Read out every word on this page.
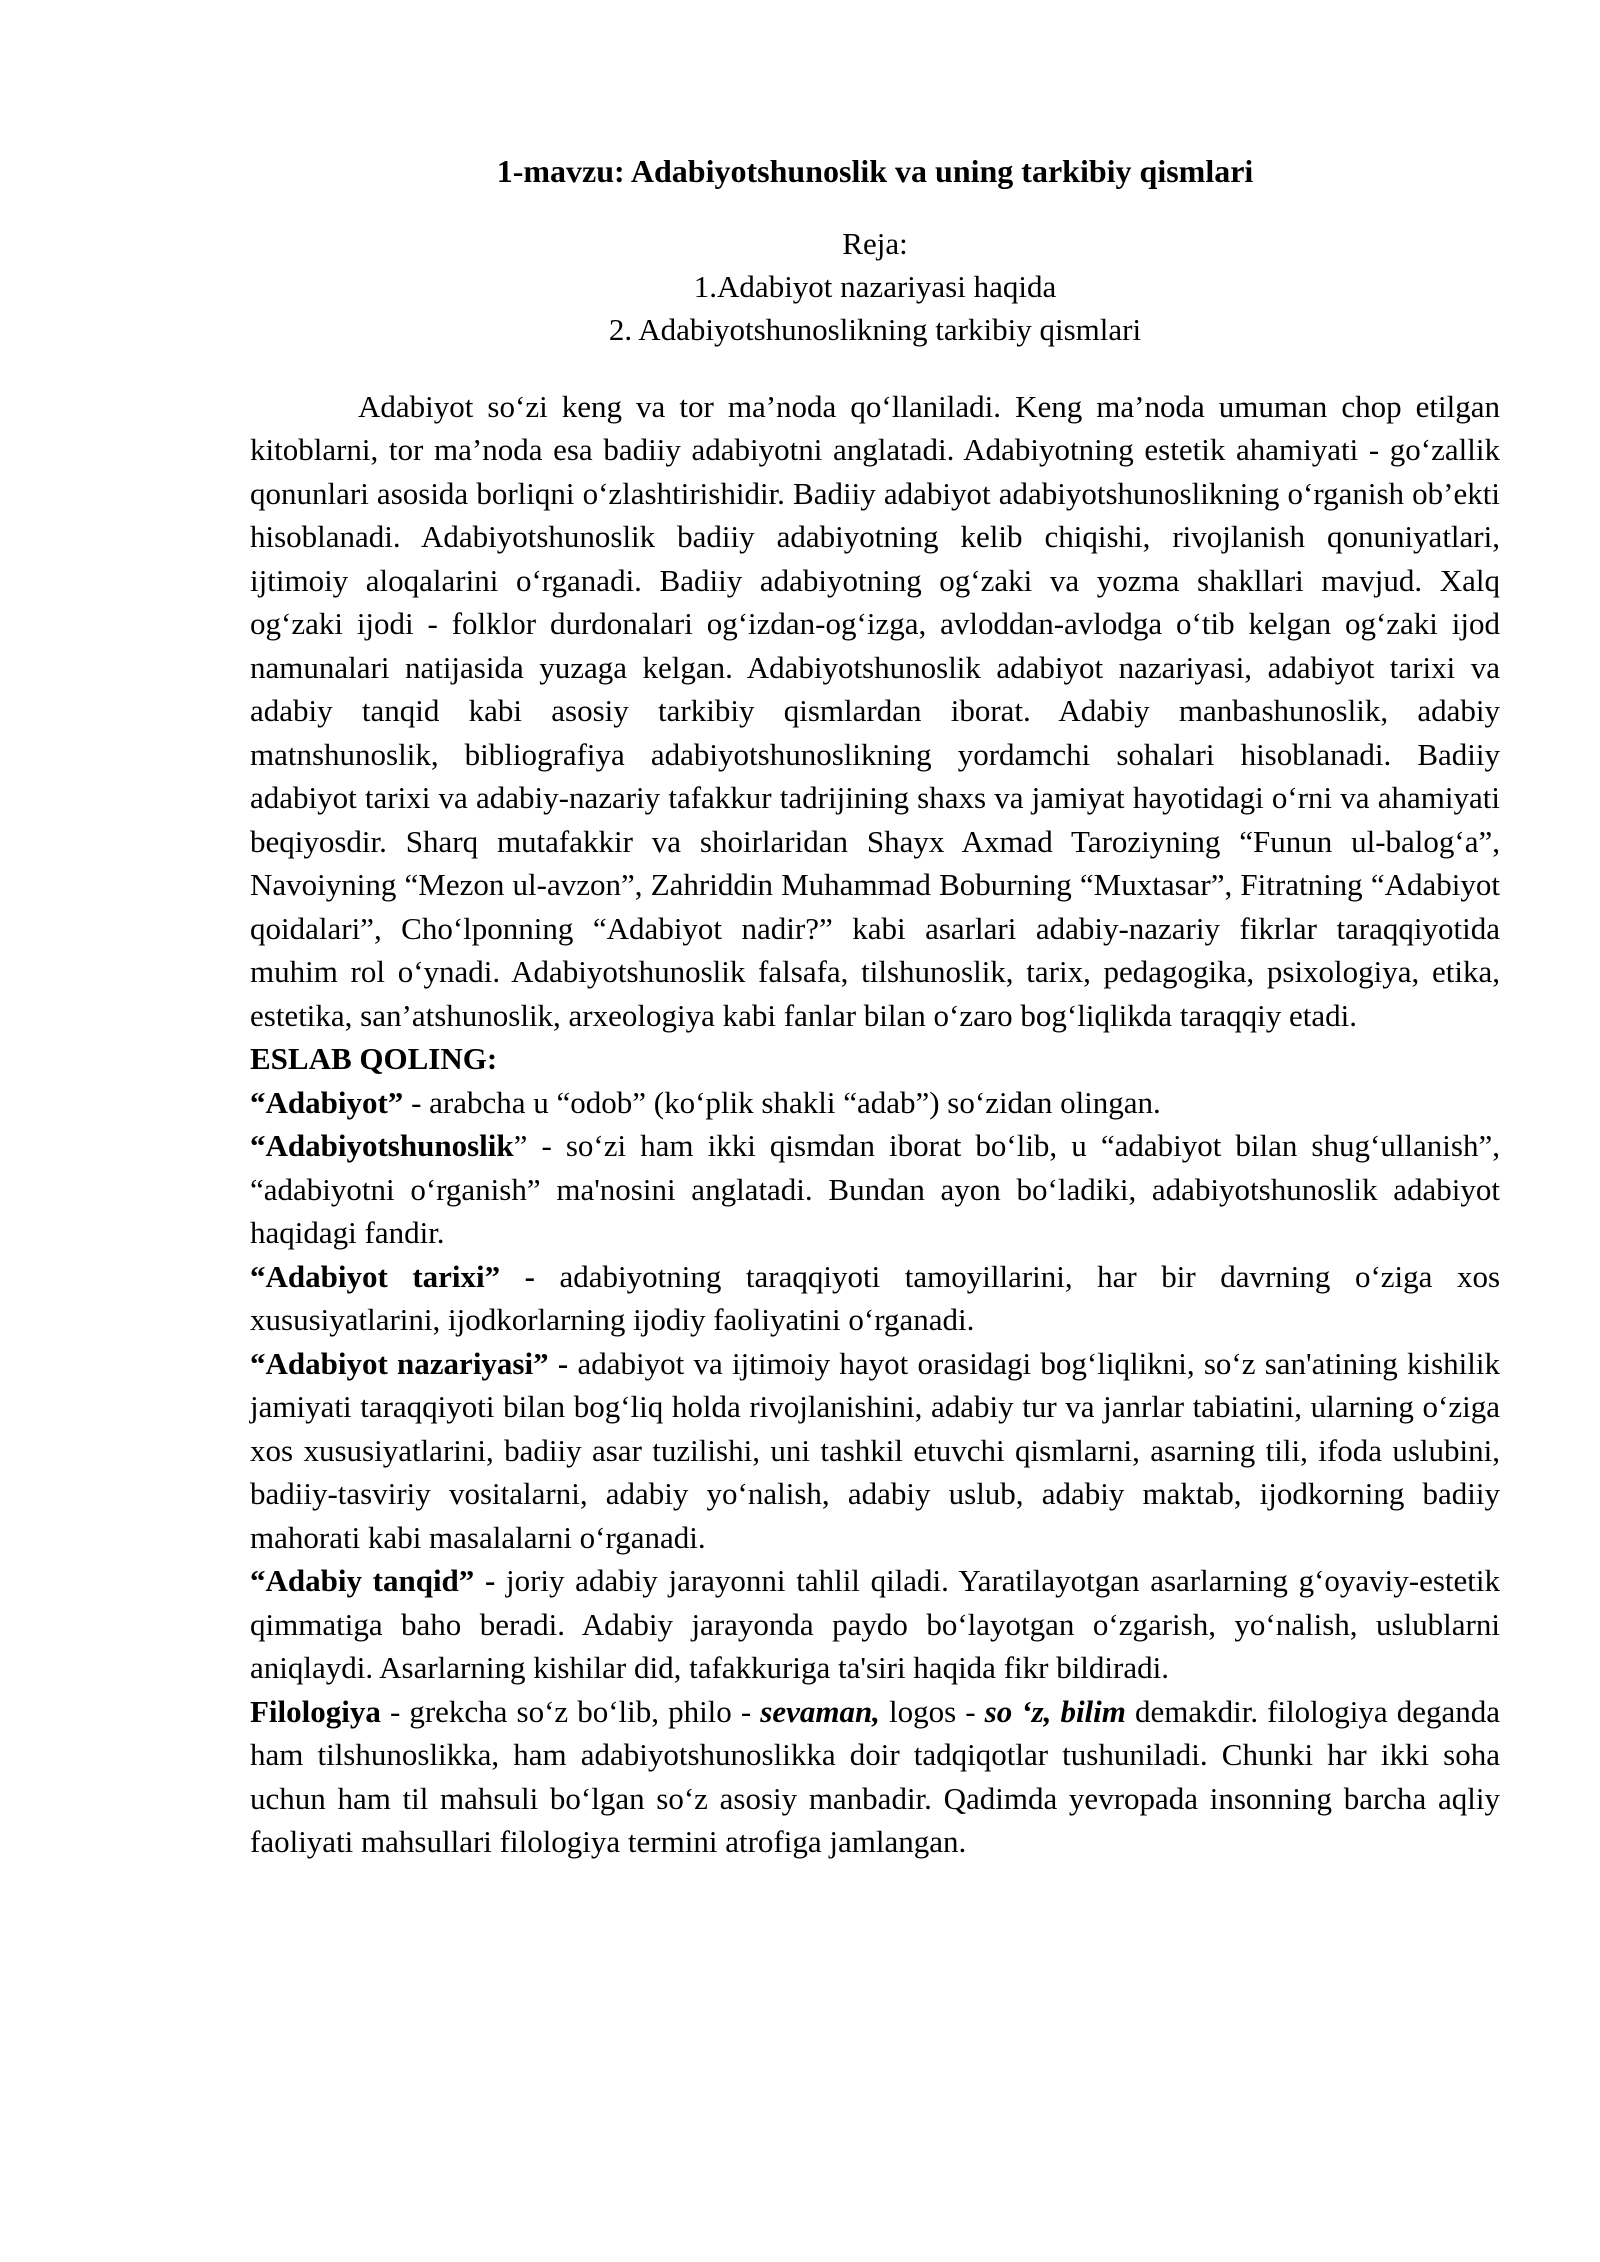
1-mavzu: Adabiyotshunoslik va uning tarkibiy qismlari
Reja:
1.Adabiyot nazariyasi haqida
2. Adabiyotshunoslikning tarkibiy qismlari

Adabiyot so‘zi keng va tor ma’noda qo‘llaniladi. Keng ma’noda umuman chop etilgan kitoblarni, tor ma’noda esa badiiy adabiyotni anglatadi. Adabiyotning estetik ahamiyati - go‘zallik qonunlari asosida borliqni o‘zlashtirishidir. Badiiy adabiyot adabiyotshunoslikning o‘rganish ob’ekti hisoblanadi. Adabiyotshunoslik badiiy adabiyotning kelib chiqishi, rivojlanish qonuniyatlari, ijtimoiy aloqalarini o‘rganadi. Badiiy adabiyotning og‘zaki va yozma shakllari mavjud. Xalq og‘zaki ijodi - folklor durdonalari og‘izdan-og‘izga, avloddan-avlodga o‘tib kelgan og‘zaki ijod namunalari natijasida yuzaga kelgan. Adabiyotshunoslik adabiyot nazariyasi, adabiyot tarixi va adabiy tanqid kabi asosiy tarkibiy qismlardan iborat. Adabiy manbashunoslik, adabiy matnshunoslik, bibliografiya adabiyotshunoslikning yordamchi sohalari hisoblanadi. Badiiy adabiyot tarixi va adabiy-nazariy tafakkur tadrijining shaxs va jamiyat hayotidagi o‘rni va ahamiyati beqiyosdir. Sharq mutafakkir va shoirlaridan Shayx Axmad Taroziyning “Funun ul-balog‘a”, Navoiyning “Mezon ul-avzon”, Zahriddin Muhammad Boburning “Muxtasar”, Fitratning “Adabiyot qoidalari”, Cho‘lponning “Adabiyot nadir?” kabi asarlari adabiy-nazariy fikrlar taraqqiyotida muhim rol o‘ynadi. Adabiyotshunoslik falsafa, tilshunoslik, tarix, pedagogika, psixologiya, etika, estetika, san’atshunoslik, arxeologiya kabi fanlar bilan o‘zaro bog‘liqlikda taraqqiy etadi.

ESLAB QOLING:

“Adabiyot” - arabcha u “odob” (ko‘plik shakli “adab”) so‘zidan olingan.

“Adabiyotshunoslik” - so‘zi ham ikki qismdan iborat bo‘lib, u “adabiyot bilan shug‘ullanish”, “adabiyotni o‘rganish” ma'nosini anglatadi. Bundan ayon bo‘ladiki, adabiyotshunoslik adabiyot haqidagi fandir.

“Adabiyot tarixi” - adabiyotning taraqqiyoti tamoyillarini, har bir davrning o‘ziga xos xususiyatlarini, ijodkorlarning ijodiy faoliyatini o‘rganadi.

“Adabiyot nazariyasi” - adabiyot va ijtimoiy hayot orasidagi bog‘liqlikni, so‘z san'atining kishilik jamiyati taraqqiyoti bilan bog‘liq holda rivojlanishini, adabiy tur va janrlar tabiatini, ularning o‘ziga xos xususiyatlarini, badiiy asar tuzilishi, uni tashkil etuvchi qismlarni, asarning tili, ifoda uslubini, badiiy-tasviriy vositalarni, adabiy yo‘nalish, adabiy uslub, adabiy maktab, ijodkorning badiiy mahorati kabi masalalarni o‘rganadi.

“Adabiy tanqid” - joriy adabiy jarayonni tahlil qiladi. Yaratilayotgan asarlarning g‘oyaviy-estetik qimmatiga baho beradi. Adabiy jarayonda paydo bo‘layotgan o‘zgarish, yo‘nalish, uslublarni aniqlaydi. Asarlarning kishilar did, tafakkuriga ta'siri haqida fikr bildiradi.

Filologiya - grekcha so‘z bo‘lib, philo - sevaman, logos - so ‘z, bilim demakdir. filologiya deganda ham tilshunoslikka, ham adabiyotshunoslikka doir tadqiqotlar tushuniladi. Chunki har ikki soha uchun ham til mahsuli bo‘lgan so‘z asosiy manbadir. Qadimda yevropada insonning barcha aqliy faoliyati mahsullari filologiya termini atrofiga jamlangan.
